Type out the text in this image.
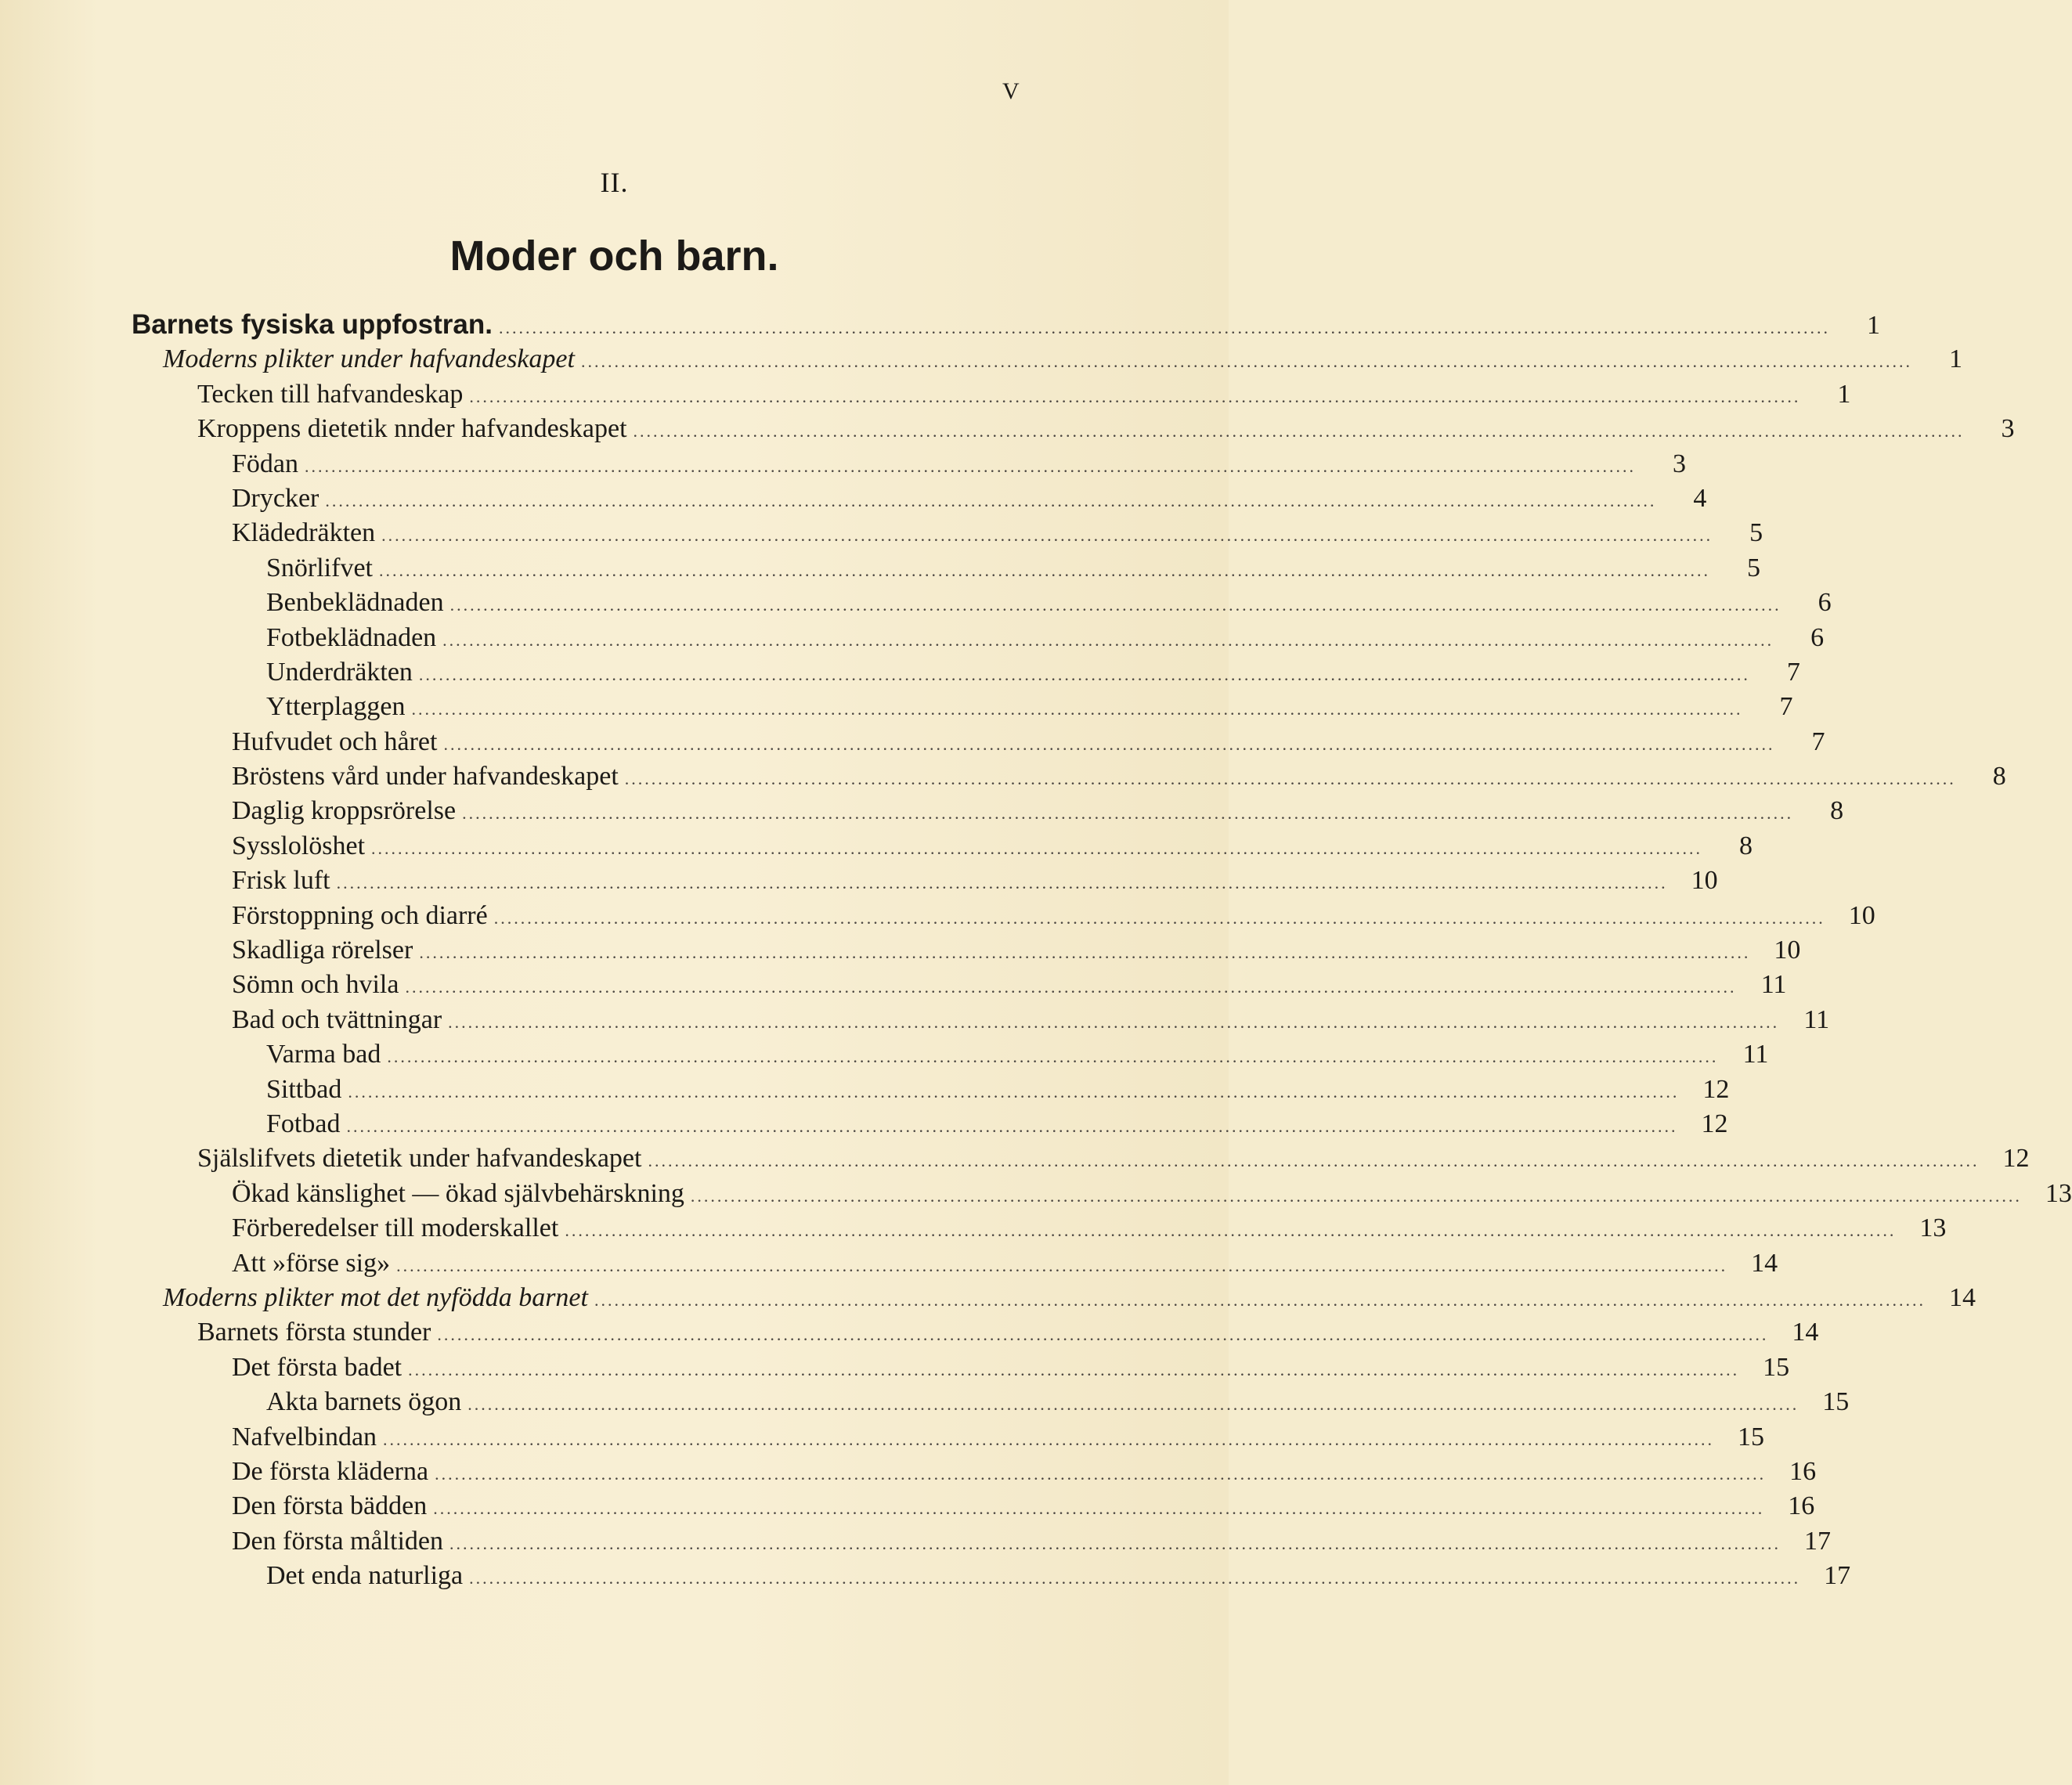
V
II.
Moder och barn.
Barnets fysiska uppfostran. ........................................................................................................................................................................................................	1
Moderns plikter under hafvandeskapet ........................................................................................................................................................................................................	1
Tecken till hafvandeskap ........................................................................................................................................................................................................	1
Kroppens dietetik nnder hafvandeskapet ........................................................................................................................................................................................................	3
Födan ........................................................................................................................................................................................................	3
Drycker ........................................................................................................................................................................................................	4
Klädedräkten ........................................................................................................................................................................................................	5
Snörlifvet ........................................................................................................................................................................................................	5
Benbeklädnaden ........................................................................................................................................................................................................	6
Fotbeklädnaden ........................................................................................................................................................................................................	6
Underdräkten ........................................................................................................................................................................................................	7
Ytterplaggen ........................................................................................................................................................................................................	7
Hufvudet och håret ........................................................................................................................................................................................................	7
Bröstens vård under hafvandeskapet ........................................................................................................................................................................................................	8
Daglig kroppsrörelse ........................................................................................................................................................................................................	8
Sysslolöshet ........................................................................................................................................................................................................	8
Frisk luft ........................................................................................................................................................................................................ 10
Förstoppning och diarré ........................................................................................................................................................................................................ 10
Skadliga rörelser ........................................................................................................................................................................................................ 10
Sömn och hvila ........................................................................................................................................................................................................ 11
Bad och tvättningar ........................................................................................................................................................................................................ 11
Varma bad ........................................................................................................................................................................................................ 11
Sittbad ........................................................................................................................................................................................................ 12
Fotbad ........................................................................................................................................................................................................ 12
Själslifvets dietetik under hafvandeskapet ........................................................................................................................................................................................................ 12
Ökad känslighet — ökad självbehärskning ........................................................................................................................................................................................................ 13
Förberedelser till moderskallet ........................................................................................................................................................................................................ 13
Att »förse sig» ........................................................................................................................................................................................................ 14
Moderns plikter mot det nyfödda barnet ........................................................................................................................................................................................................ 14
Barnets första stunder ........................................................................................................................................................................................................ 14
Det första badet ........................................................................................................................................................................................................ 15
Akta barnets ögon ........................................................................................................................................................................................................ 15
Nafvelbindan ........................................................................................................................................................................................................ 15
De första kläderna ........................................................................................................................................................................................................ 16
Den första bädden ........................................................................................................................................................................................................ 16
Den första måltiden ........................................................................................................................................................................................................ 17
Det enda naturliga ........................................................................................................................................................................................................ 17
